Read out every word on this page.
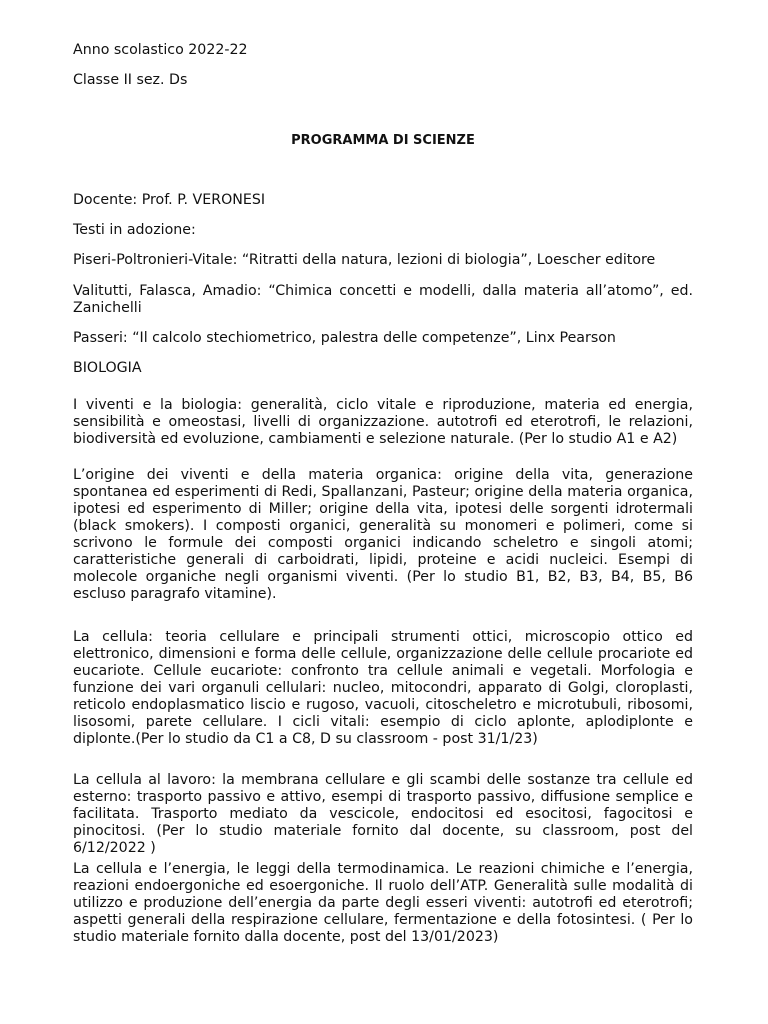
Anno scolastico 2022-22
Classe II sez. Ds
PROGRAMMA DI SCIENZE
Docente: Prof. P. VERONESI
Testi in adozione:
Piseri-Poltronieri-Vitale: “Ritratti della natura, lezioni di biologia”, Loescher editore
Valitutti, Falasca, Amadio: “Chimica concetti e modelli, dalla materia all’atomo”, ed. Zanichelli
Passeri: “Il calcolo stechiometrico, palestra delle competenze”, Linx Pearson
BIOLOGIA
I viventi e la biologia: generalità, ciclo vitale e riproduzione, materia ed energia, sensibilità e omeostasi, livelli di organizzazione. autotrofi ed eterotrofi, le relazioni, biodiversità ed evoluzione, cambiamenti e selezione naturale. (Per lo studio A1 e A2)
L’origine dei viventi e della materia organica: origine della vita, generazione spontanea ed esperimenti di Redi, Spallanzani, Pasteur; origine della materia organica, ipotesi ed esperimento di Miller; origine della vita, ipotesi delle sorgenti idrotermali (black smokers). I composti organici, generalità su monomeri e polimeri, come si scrivono le formule dei composti organici indicando scheletro e singoli atomi; caratteristiche generali di carboidrati, lipidi, proteine e acidi nucleici. Esempi di molecole organiche negli organismi viventi. (Per lo studio B1, B2, B3, B4, B5, B6 escluso paragrafo vitamine).
La cellula: teoria cellulare e principali strumenti ottici, microscopio ottico ed elettronico, dimensioni e forma delle cellule, organizzazione delle cellule procariote ed eucariote. Cellule eucariote: confronto tra cellule animali e vegetali. Morfologia e funzione dei vari organuli cellulari: nucleo, mitocondri, apparato di Golgi, cloroplasti, reticolo endoplasmatico liscio e rugoso, vacuoli, citoscheletro e microtubuli, ribosomi, lisosomi, parete cellulare. I cicli vitali: esempio di ciclo aplonte, aplodiplonte e diplonte.(Per lo studio da C1 a C8, D su classroom - post 31/1/23)
La cellula al lavoro: la membrana cellulare e gli scambi delle sostanze tra cellule ed esterno: trasporto passivo e attivo, esempi di trasporto passivo, diffusione semplice e facilitata. Trasporto mediato da vescicole, endocitosi ed esocitosi, fagocitosi e pinocitosi. (Per lo studio materiale fornito dal docente, su classroom, post del 6/12/2022 )
La cellula e l’energia, le leggi della termodinamica. Le reazioni chimiche e l’energia, reazioni endoergoniche ed esoergoniche. Il ruolo dell’ATP. Generalità sulle modalità di utilizzo e produzione dell’energia da parte degli esseri viventi: autotrofi ed eterotrofi; aspetti generali della respirazione cellulare, fermentazione e della fotosintesi. ( Per lo studio materiale fornito dalla docente, post del 13/01/2023)
